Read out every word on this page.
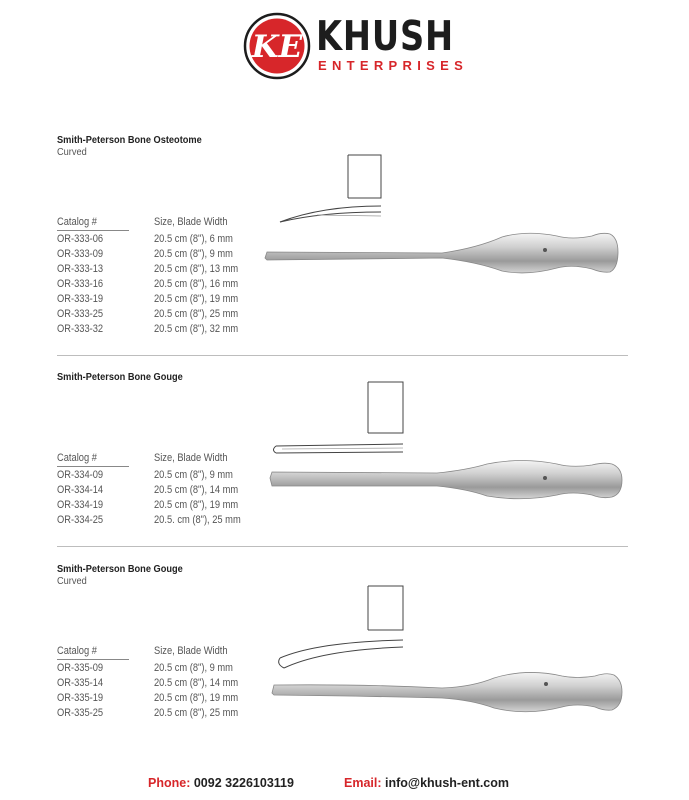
KE KHUSH
ENTERPRISES
Smith-Peterson Bone Osteotome
Curved
Catalog #	Size, Blade Width
OR-333-06	20.5 cm (8"), 6 mm
OR-333-09	20.5 cm (8"), 9 mm
OR-333-13	20.5 cm (8"), 13 mm
OR-333-16	20.5 cm (8"), 16 mm
OR-333-19	20.5 cm (8"), 19 mm
OR-333-25	20.5 cm (8"), 25 mm
OR-333-32	20.5 cm (8"), 32 mm
Smith-Peterson Bone Gouge
Catalog #	Size, Blade Width
OR-334-09	20.5 cm (8"), 9 mm
OR-334-14	20.5 cm (8"), 14 mm
OR-334-19	20.5 cm (8"), 19 mm
OR-334-25	20.5. cm (8"), 25 mm
Smith-Peterson Bone Gouge
Curved
Catalog #	Size, Blade Width
OR-335-09	20.5 cm (8"), 9 mm
OR-335-14	20.5 cm (8"), 14 mm
OR-335-19	20.5 cm (8"), 19 mm
OR-335-25	20.5 cm (8"), 25 mm
Phone: 0092 3226103119	Email: info@khush-ent.com
